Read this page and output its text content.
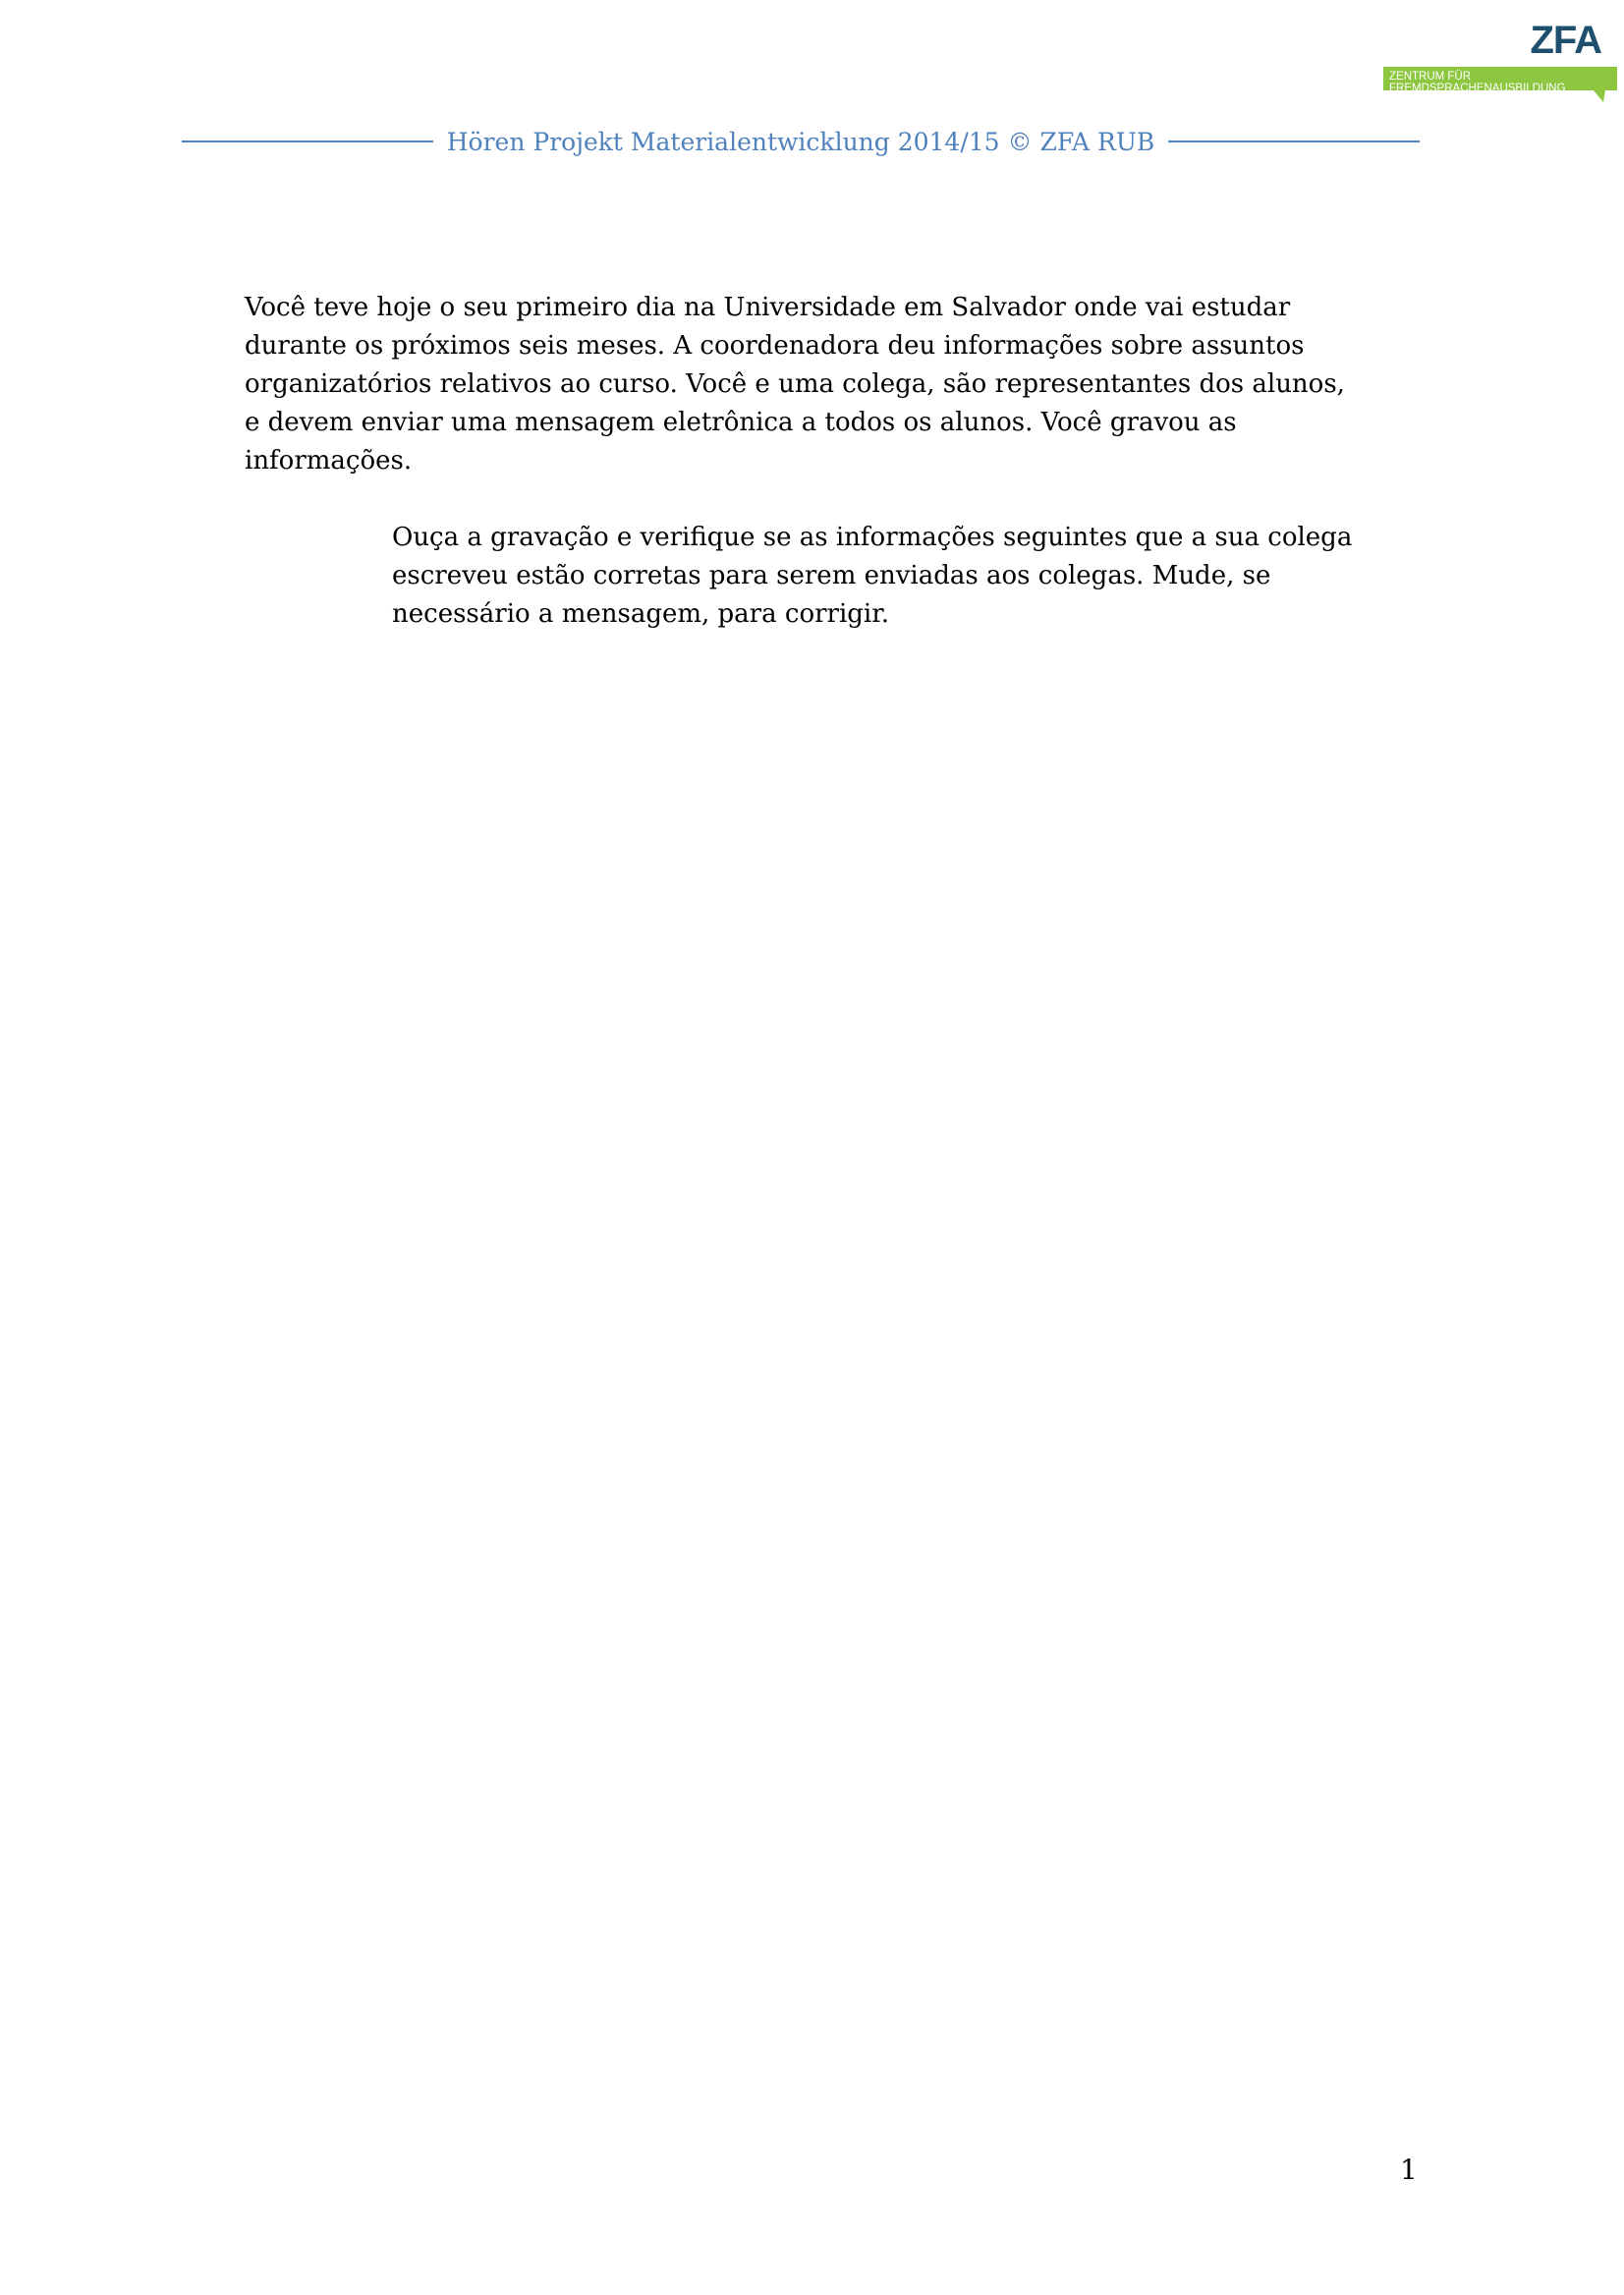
ZFA
ZENTRUM FÜR
FREMDSPRACHENAUSBILDUNG
Hören Projekt Materialentwicklung 2014/15 © ZFA RUB

Você teve hoje o seu primeiro dia na Universidade em Salvador onde vai estudar
durante os próximos seis meses. A coordenadora deu informações sobre assuntos
organizatórios relativos ao curso. Você e uma colega, são representantes dos alunos,
e devem enviar uma mensagem eletrônica a todos os alunos. Você gravou as
informações.

Ouça a gravação e verifique se as informações seguintes que a sua colega
escreveu estão corretas para serem enviadas aos colegas. Mude, se
necessário a mensagem, para corrigir.

1
